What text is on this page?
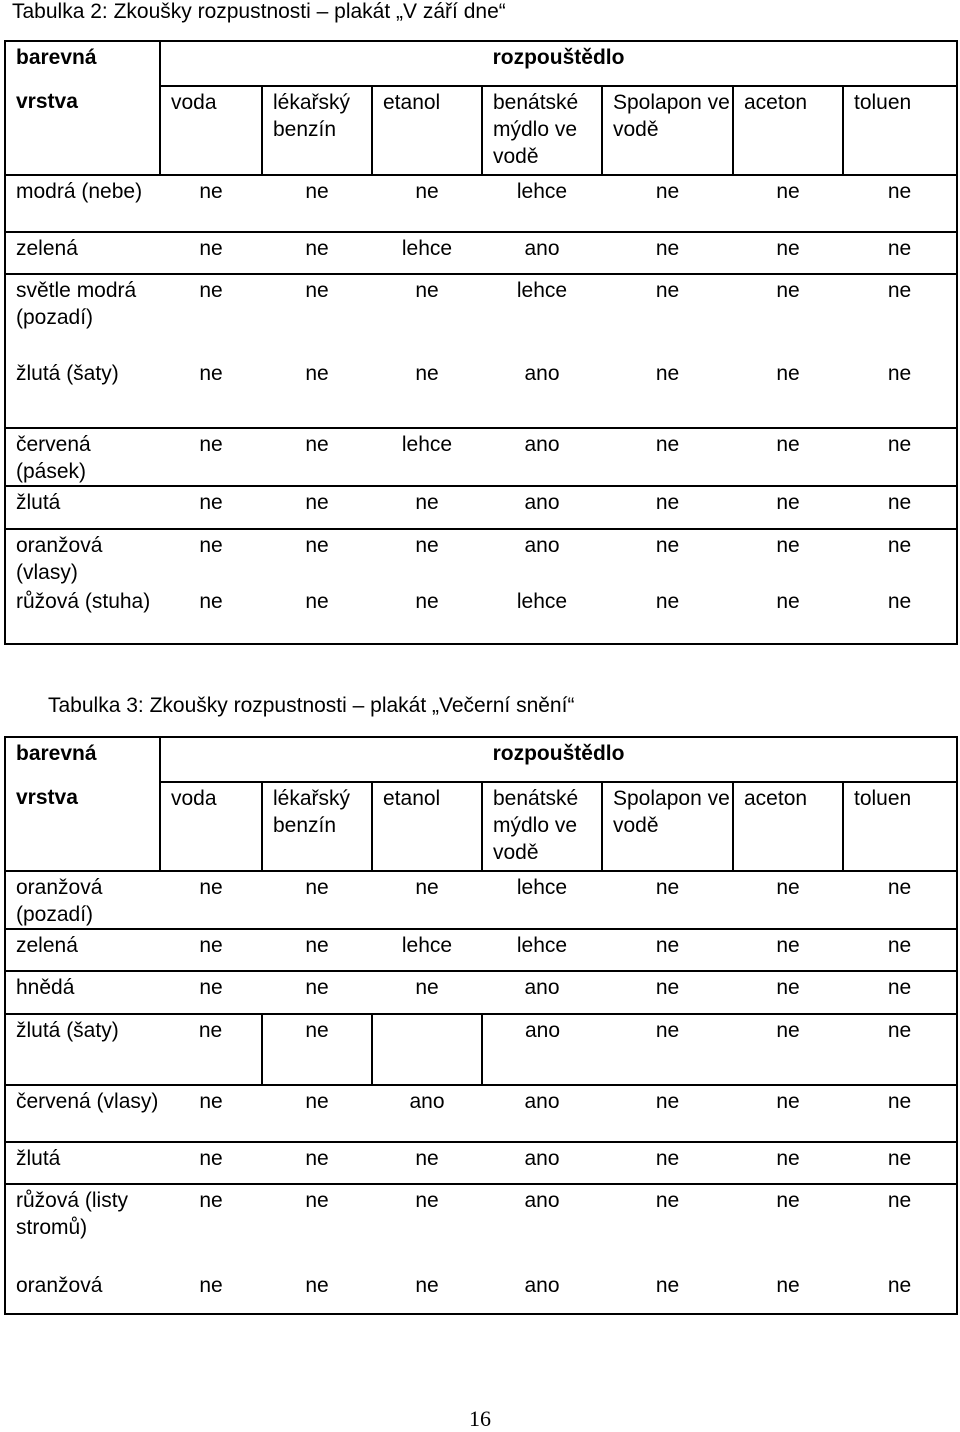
Tabulka 2: Zkoušky rozpustnosti – plakát „V září dne“
barevná	rozpouštědlo						
vrstva	voda	lékařský benzín	etanol	benátské mýdlo ve vodě	Spolapon ve vodě	aceton	toluen
modrá (nebe)	ne	ne	ne	lehce	ne	ne	ne
zelená	ne	ne	lehce	ano	ne	ne	ne
světle modrá (pozadí)	ne	ne	ne	lehce	ne	ne	ne
žlutá (šaty)	ne	ne	ne	ano	ne	ne	ne
červená (pásek)	ne	ne	lehce	ano	ne	ne	ne
žlutá	ne	ne	ne	ano	ne	ne	ne
oranžová (vlasy)	ne	ne	ne	ano	ne	ne	ne
růžová (stuha)	ne	ne	ne	lehce	ne	ne	ne
Tabulka 3: Zkoušky rozpustnosti – plakát „Večerní snění“
barevná	rozpouštědlo						
vrstva	voda	lékařský benzín	etanol	benátské mýdlo ve vodě	Spolapon ve vodě	aceton	toluen
oranžová (pozadí)	ne	ne	ne	lehce	ne	ne	ne
zelená	ne	ne	lehce	lehce	ne	ne	ne
hnědá	ne	ne	ne	ano	ne	ne	ne
žlutá (šaty)	ne	ne		ano	ne	ne	ne
červená (vlasy)	ne	ne	ano	ano	ne	ne	ne
žlutá	ne	ne	ne	ano	ne	ne	ne
růžová (listy stromů)	ne	ne	ne	ano	ne	ne	ne
oranžová	ne	ne	ne	ano	ne	ne	ne
16
